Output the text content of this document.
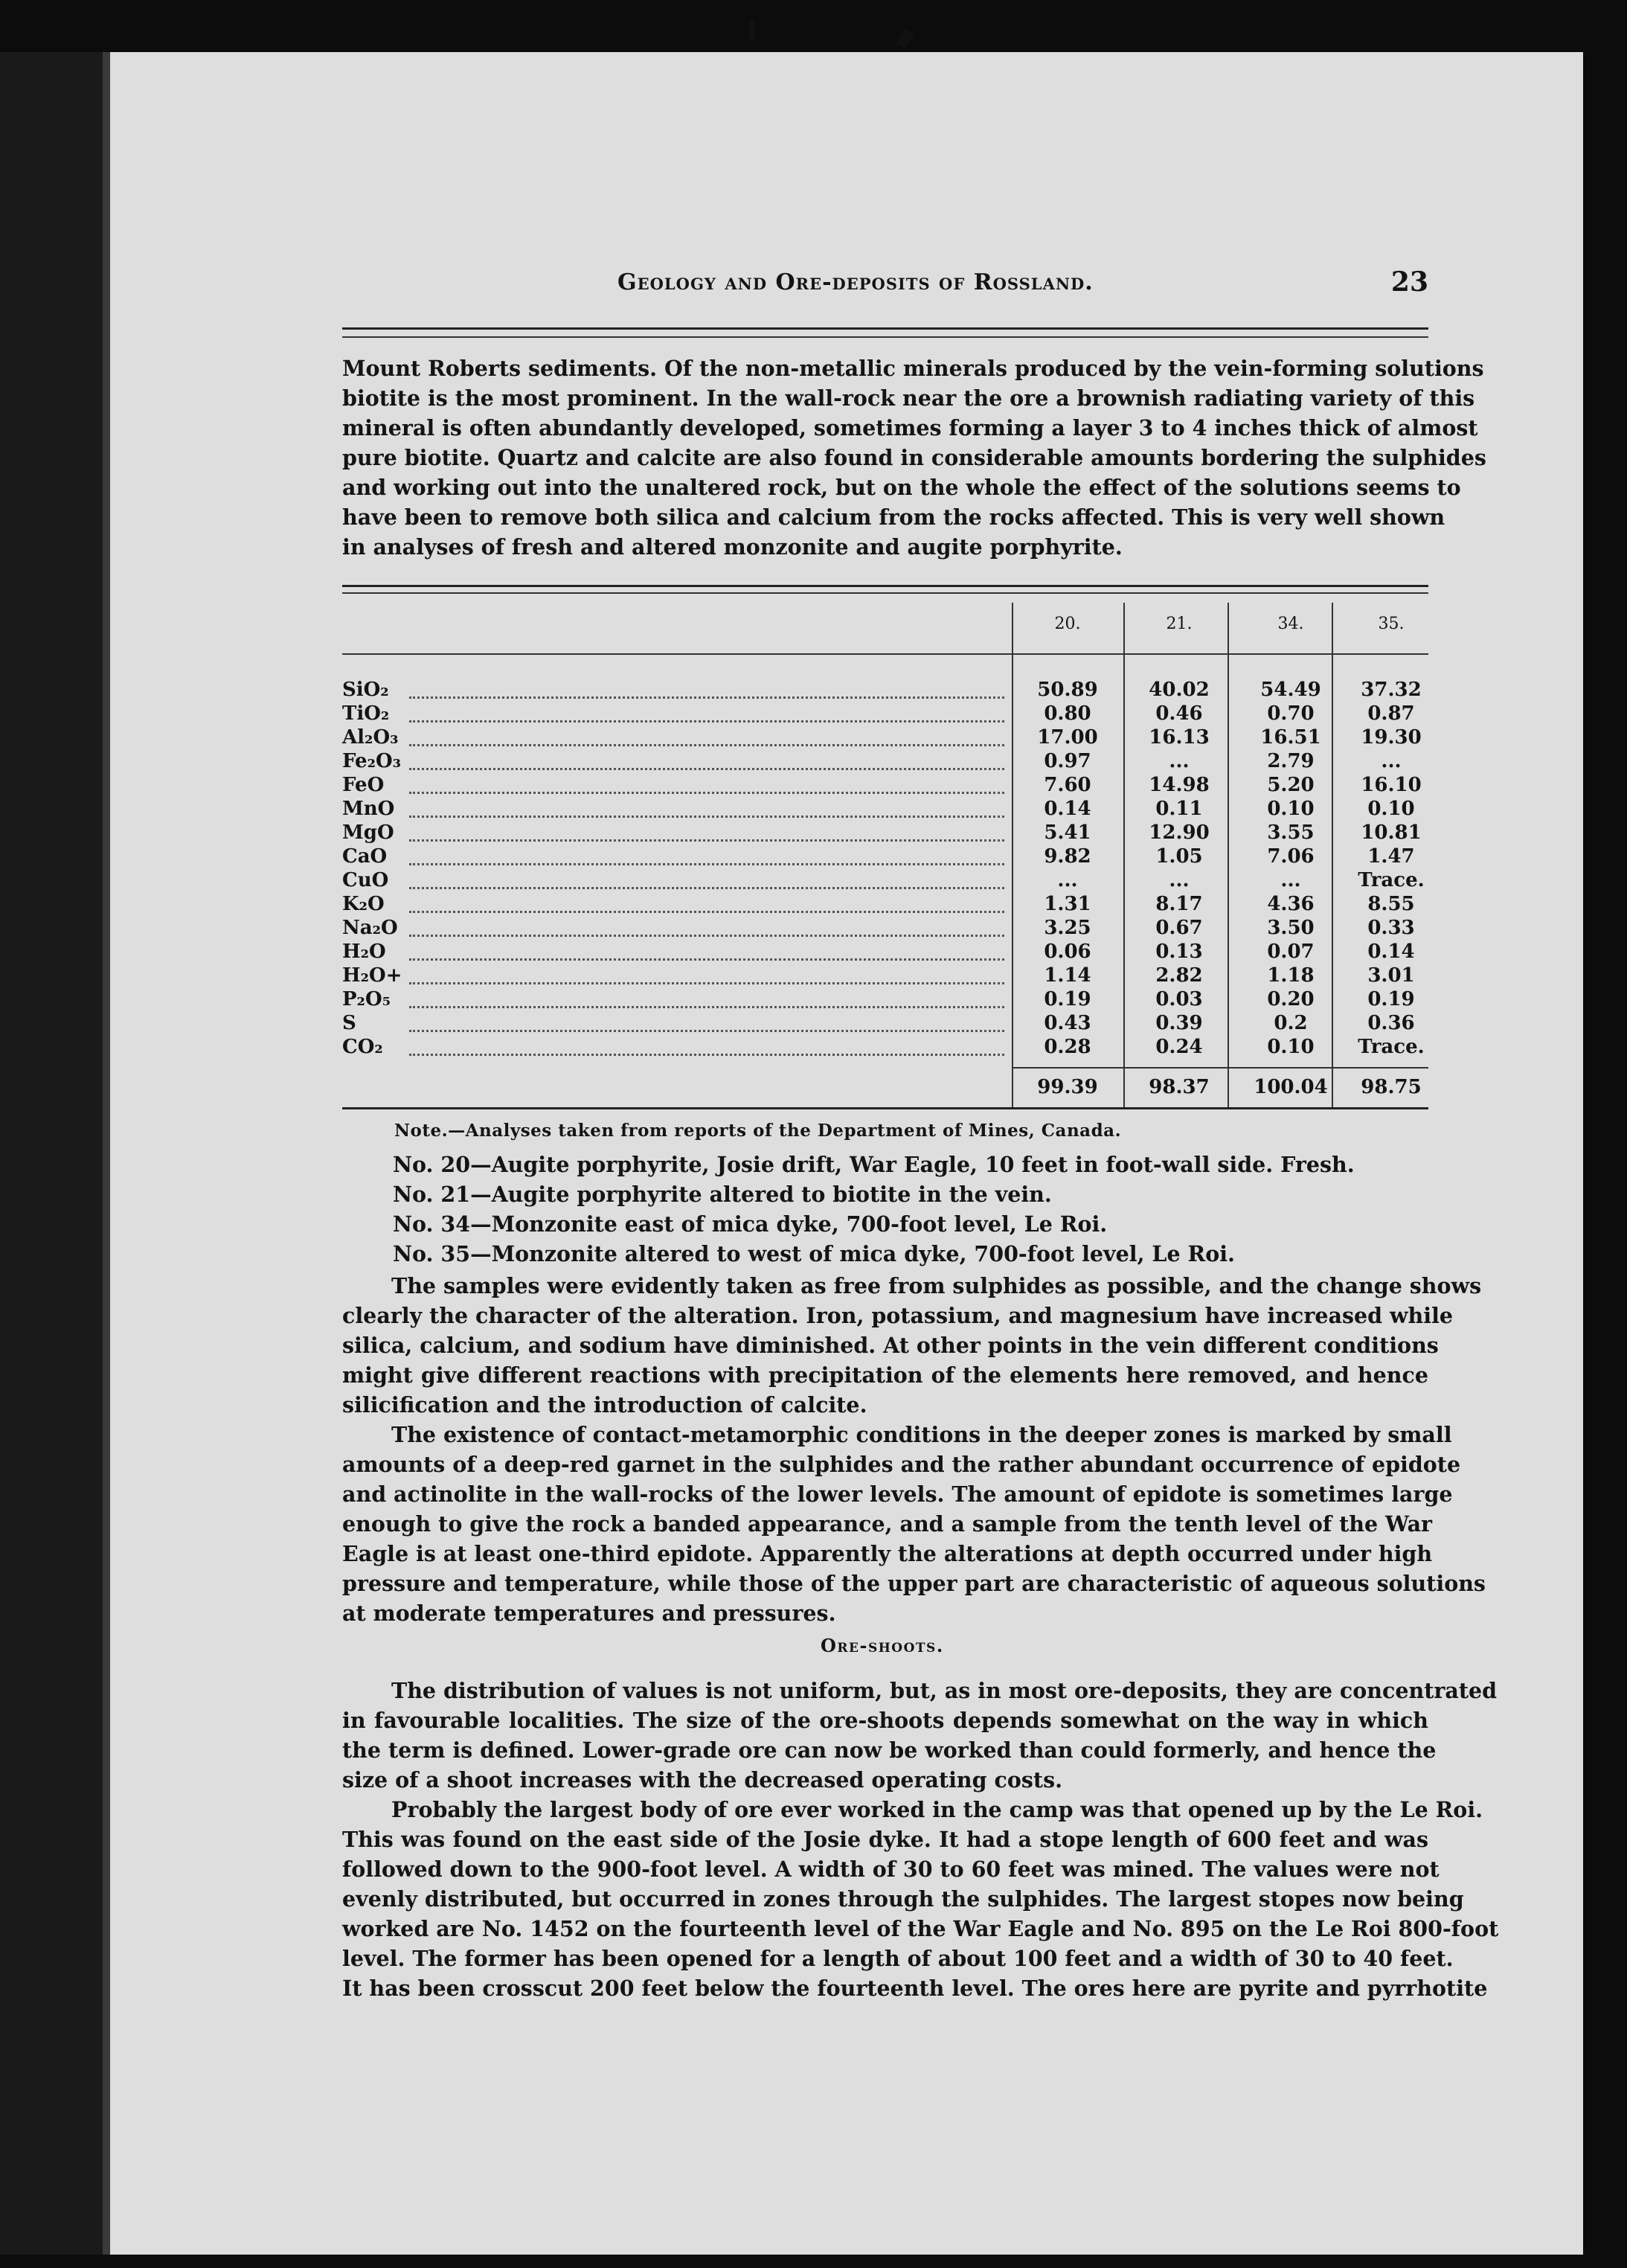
Geology and Ore-deposits of Rossland.	23
Mount Roberts sediments. Of the non-metallic minerals produced by the vein-forming solutions
biotite is the most prominent. In the wall-rock near the ore a brownish radiating variety of this
mineral is often abundantly developed, sometimes forming a layer 3 to 4 inches thick of almost
pure biotite. Quartz and calcite are also found in considerable amounts bordering the sulphides
and working out into the unaltered rock, but on the whole the effect of the solutions seems to
have been to remove both silica and calcium from the rocks affected. This is very well shown
in analyses of fresh and altered monzonite and augite porphyrite.
20.	21.	34.	35.
SiO₂	50.89	40.02	54.49	37.32
TiO₂	0.80	0.46	0.70	0.87
Al₂O₃	17.00	16.13	16.51	19.30
Fe₂O₃	0.97	...	2.79	...
FeO	7.60	14.98	5.20	16.10
MnO	0.14	0.11	0.10	0.10
MgO	5.41	12.90	3.55	10.81
CaO	9.82	1.05	7.06	1.47
CuO	...	...	...	Trace.
K₂O	1.31	8.17	4.36	8.55
Na₂O	3.25	0.67	3.50	0.33
H₂O	0.06	0.13	0.07	0.14
H₂O+	1.14	2.82	1.18	3.01
P₂O₅	0.19	0.03	0.20	0.19
S	0.43	0.39	0.2	0.36
CO₂	0.28	0.24	0.10	Trace.
99.39	98.37	100.04	98.75
Note.—Analyses taken from reports of the Department of Mines, Canada.
The samples were evidently taken as free from sulphides as possible, and the change shows
clearly the character of the alteration. Iron, potassium, and magnesium have increased while
silica, calcium, and sodium have diminished. At other points in the vein different conditions
might give different reactions with precipitation of the elements here removed, and hence
silicification and the introduction of calcite.
The existence of contact-metamorphic conditions in the deeper zones is marked by small
amounts of a deep-red garnet in the sulphides and the rather abundant occurrence of epidote
and actinolite in the wall-rocks of the lower levels. The amount of epidote is sometimes large
enough to give the rock a banded appearance, and a sample from the tenth level of the War
Eagle is at least one-third epidote. Apparently the alterations at depth occurred under high
pressure and temperature, while those of the upper part are characteristic of aqueous solutions
at moderate temperatures and pressures.
Ore-shoots.
The distribution of values is not uniform, but, as in most ore-deposits, they are concentrated
in favourable localities. The size of the ore-shoots depends somewhat on the way in which
the term is defined. Lower-grade ore can now be worked than could formerly, and hence the
size of a shoot increases with the decreased operating costs.
Probably the largest body of ore ever worked in the camp was that opened up by the Le Roi.
This was found on the east side of the Josie dyke. It had a stope length of 600 feet and was
followed down to the 900-foot level. A width of 30 to 60 feet was mined. The values were not
evenly distributed, but occurred in zones through the sulphides. The largest stopes now being
worked are No. 1452 on the fourteenth level of the War Eagle and No. 895 on the Le Roi 800-foot
level. The former has been opened for a length of about 100 feet and a width of 30 to 40 feet.
It has been crosscut 200 feet below the fourteenth level. The ores here are pyrite and pyrrhotite
No. 20—Augite porphyrite, Josie drift, War Eagle, 10 feet in foot-wall side. Fresh.
No. 21—Augite porphyrite altered to biotite in the vein.
No. 34—Monzonite east of mica dyke, 700-foot level, Le Roi.
No. 35—Monzonite altered to west of mica dyke, 700-foot level, Le Roi.
